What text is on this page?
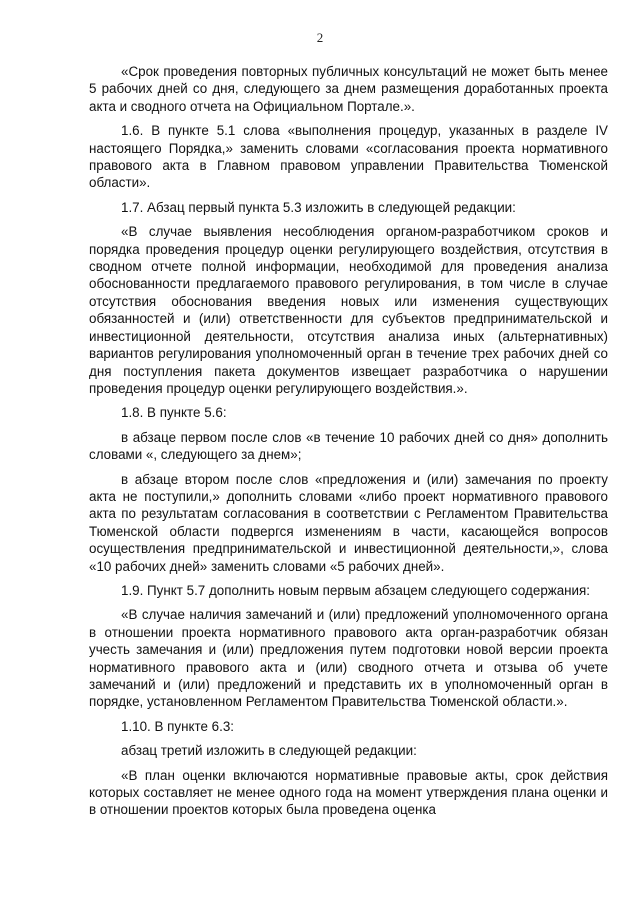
2

«Срок проведения повторных публичных консультаций не может быть менее 5 рабочих дней со дня, следующего за днем размещения доработанных проекта акта и сводного отчета на Официальном Портале.».

1.6. В пункте 5.1 слова «выполнения процедур, указанных в разделе IV настоящего Порядка,» заменить словами «согласования проекта нормативного правового акта в Главном правовом управлении Правительства Тюменской области».

1.7. Абзац первый пункта 5.3 изложить в следующей редакции:

«В случае выявления несоблюдения органом-разработчиком сроков и порядка проведения процедур оценки регулирующего воздействия, отсутствия в сводном отчете полной информации, необходимой для проведения анализа обоснованности предлагаемого правового регулирования, в том числе в случае отсутствия обоснования введения новых или изменения существующих обязанностей и (или) ответственности для субъектов предпринимательской и инвестиционной деятельности, отсутствия анализа иных (альтернативных) вариантов регулирования уполномоченный орган в течение трех рабочих дней со дня поступления пакета документов извещает разработчика о нарушении проведения процедур оценки регулирующего воздействия.».

1.8. В пункте 5.6:

в абзаце первом после слов «в течение 10 рабочих дней со дня» дополнить словами «, следующего за днем»;

в абзаце втором после слов «предложения и (или) замечания по проекту акта не поступили,» дополнить словами «либо проект нормативного правового акта по результатам согласования в соответствии с Регламентом Правительства Тюменской области подвергся изменениям в части, касающейся вопросов осуществления предпринимательской и инвестиционной деятельности,», слова «10 рабочих дней» заменить словами «5 рабочих дней».

1.9. Пункт 5.7 дополнить новым первым абзацем следующего содержания:

«В случае наличия замечаний и (или) предложений уполномоченного органа в отношении проекта нормативного правового акта орган-разработчик обязан учесть замечания и (или) предложения путем подготовки новой версии проекта нормативного правового акта и (или) сводного отчета и отзыва об учете замечаний и (или) предложений и представить их в уполномоченный орган в порядке, установленном Регламентом Правительства Тюменской области.».

1.10. В пункте 6.3:

абзац третий изложить в следующей редакции:

«В план оценки включаются нормативные правовые акты, срок действия которых составляет не менее одного года на момент утверждения плана оценки и в отношении проектов которых была проведена оценка
